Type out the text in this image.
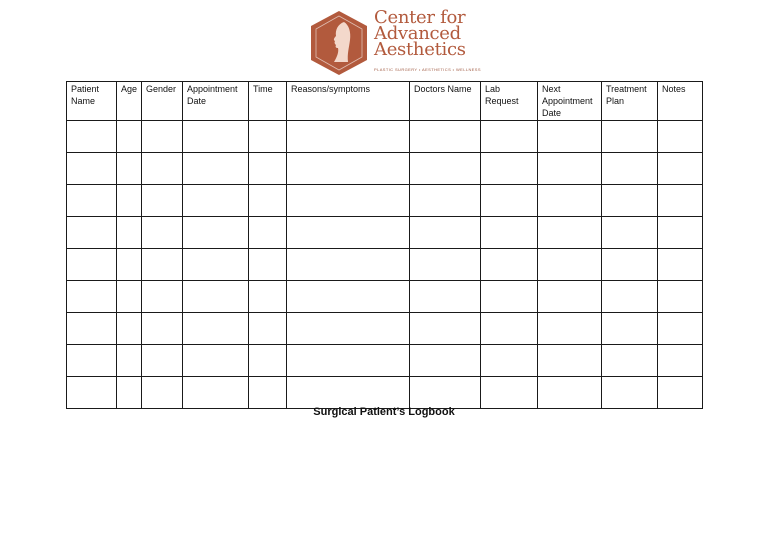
Center for
Advanced
Aesthetics
PLASTIC SURGERY • AESTHETICS • WELLNESS
Patient Name	Age	Gender	Appointment Date	Time	Reasons/symptoms	Doctors Name	Lab Request	Next Appointment Date	Treatment Plan	Notes

Surgical Patient’s Logbook
